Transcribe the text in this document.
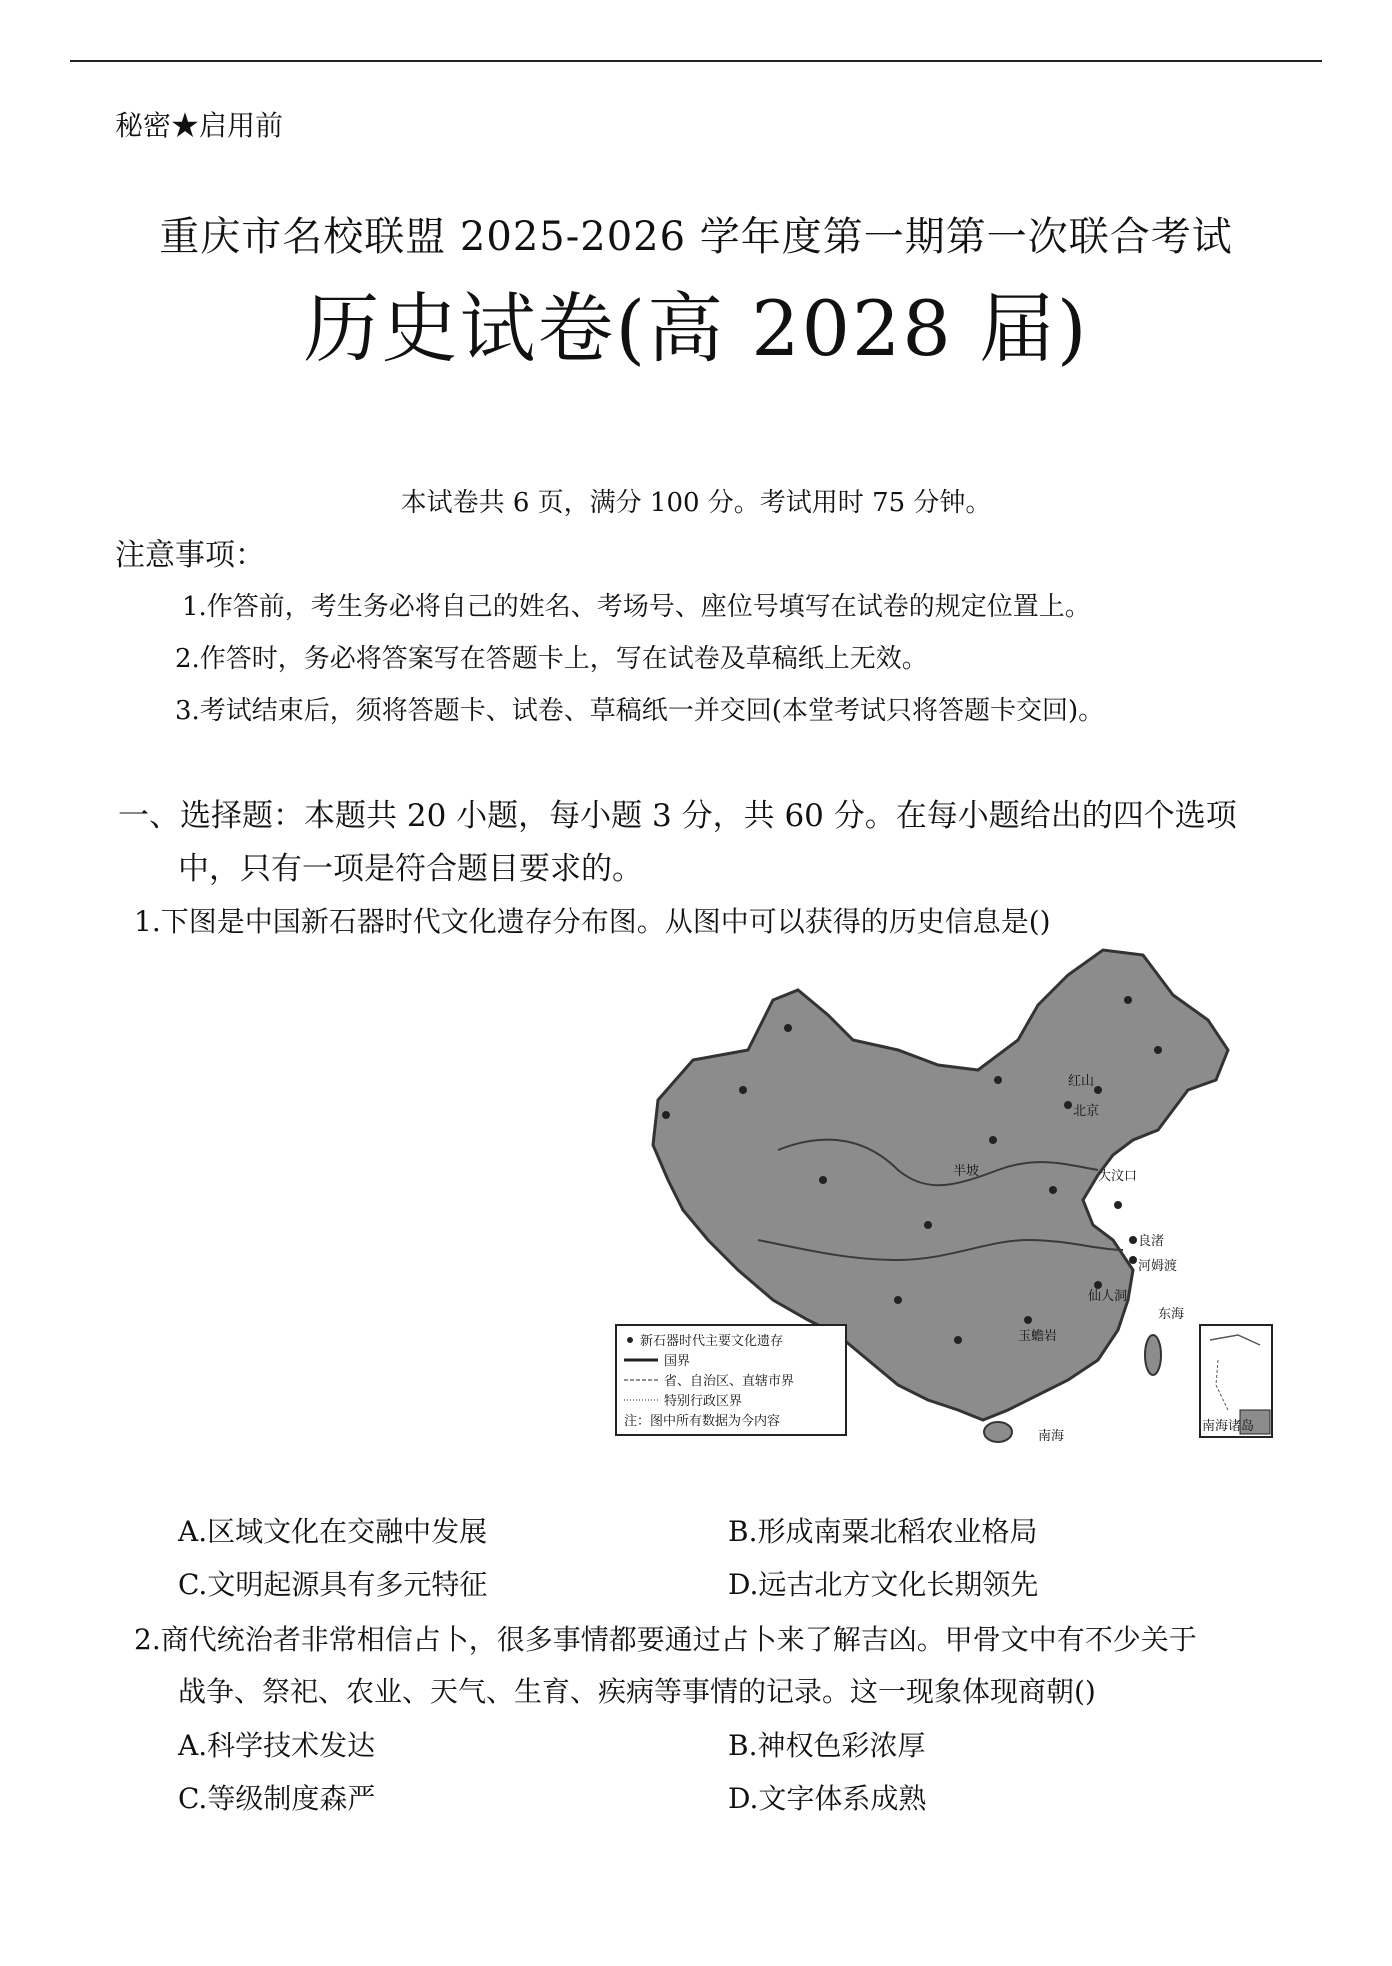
秘密★启用前
重庆市名校联盟 2025-2026 学年度第一期第一次联合考试
历史试卷(高 2028 届)
本试卷共 6 页，满分 100 分。考试用时 75 分钟。
注意事项：
1.作答前，考生务必将自己的姓名、考场号、座位号填写在试卷的规定位置上。
2.作答时，务必将答案写在答题卡上，写在试卷及草稿纸上无效。
3.考试结束后，须将答题卡、试卷、草稿纸一并交回(本堂考试只将答题卡交回)。
一、选择题：本题共 20 小题，每小题 3 分，共 60 分。在每小题给出的四个选项
中，只有一项是符合题目要求的。
1.下图是中国新石器时代文化遗存分布图。从图中可以获得的历史信息是()
红山
北京
半坡	大汶口
河姆渡
良渚
仙人洞
玉蟾岩
东海
南海
新石器时代主要文化遗存
国界
省、自治区、直辖市界
特别行政区界
注：图中所有数据为今内容	南海诸岛
A.区域文化在交融中发展	B.形成南粟北稻农业格局
C.文明起源具有多元特征	D.远古北方文化长期领先
2.商代统治者非常相信占卜，很多事情都要通过占卜来了解吉凶。甲骨文中有不少关于
战争、祭祀、农业、天气、生育、疾病等事情的记录。这一现象体现商朝()
A.科学技术发达	B.神权色彩浓厚
C.等级制度森严	D.文字体系成熟
